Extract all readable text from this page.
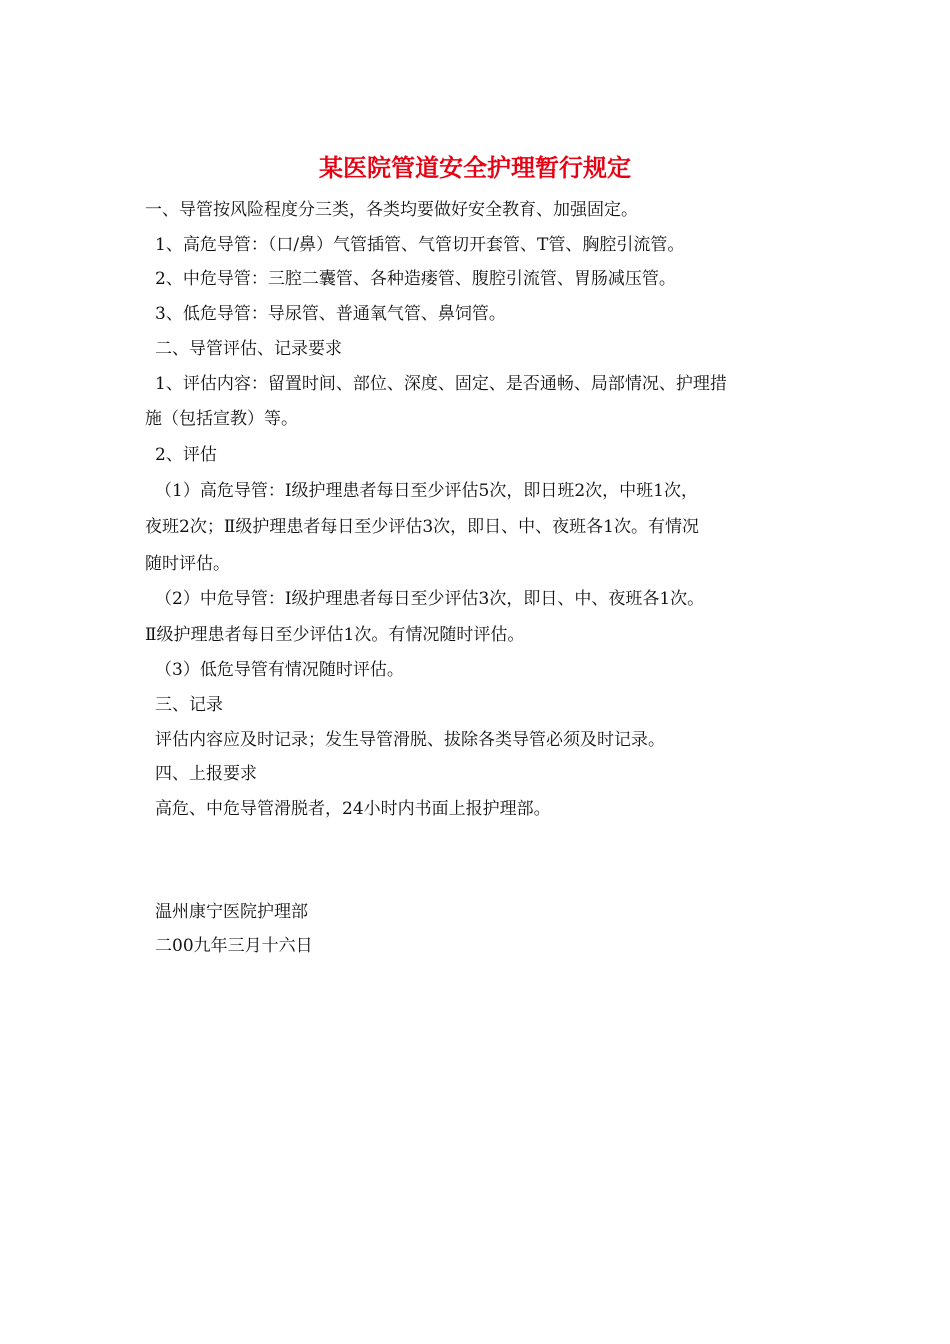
某医院管道安全护理暂行规定
一、导管按风险程度分三类，各类均要做好安全教育、加强固定。
1、高危导管：（口/鼻）气管插管、气管切开套管、T管、胸腔引流管。
2、中危导管：三腔二囊管、各种造瘘管、腹腔引流管、胃肠减压管。
3、低危导管：导尿管、普通氧气管、鼻饲管。
二、导管评估、记录要求
1、评估内容：留置时间、部位、深度、固定、是否通畅、局部情况、护理措
施（包括宣教）等。
2、评估
（1）高危导管：Ⅰ级护理患者每日至少评估5次，即日班2次，中班1次，
夜班2次；Ⅱ级护理患者每日至少评估3次，即日、中、夜班各1次。有情况
随时评估。
（2）中危导管：Ⅰ级护理患者每日至少评估3次，即日、中、夜班各1次。
Ⅱ级护理患者每日至少评估1次。有情况随时评估。
（3）低危导管有情况随时评估。
三、记录
评估内容应及时记录；发生导管滑脱、拔除各类导管必须及时记录。
四、上报要求
高危、中危导管滑脱者，24小时内书面上报护理部。
温州康宁医院护理部
二00九年三月十六日
